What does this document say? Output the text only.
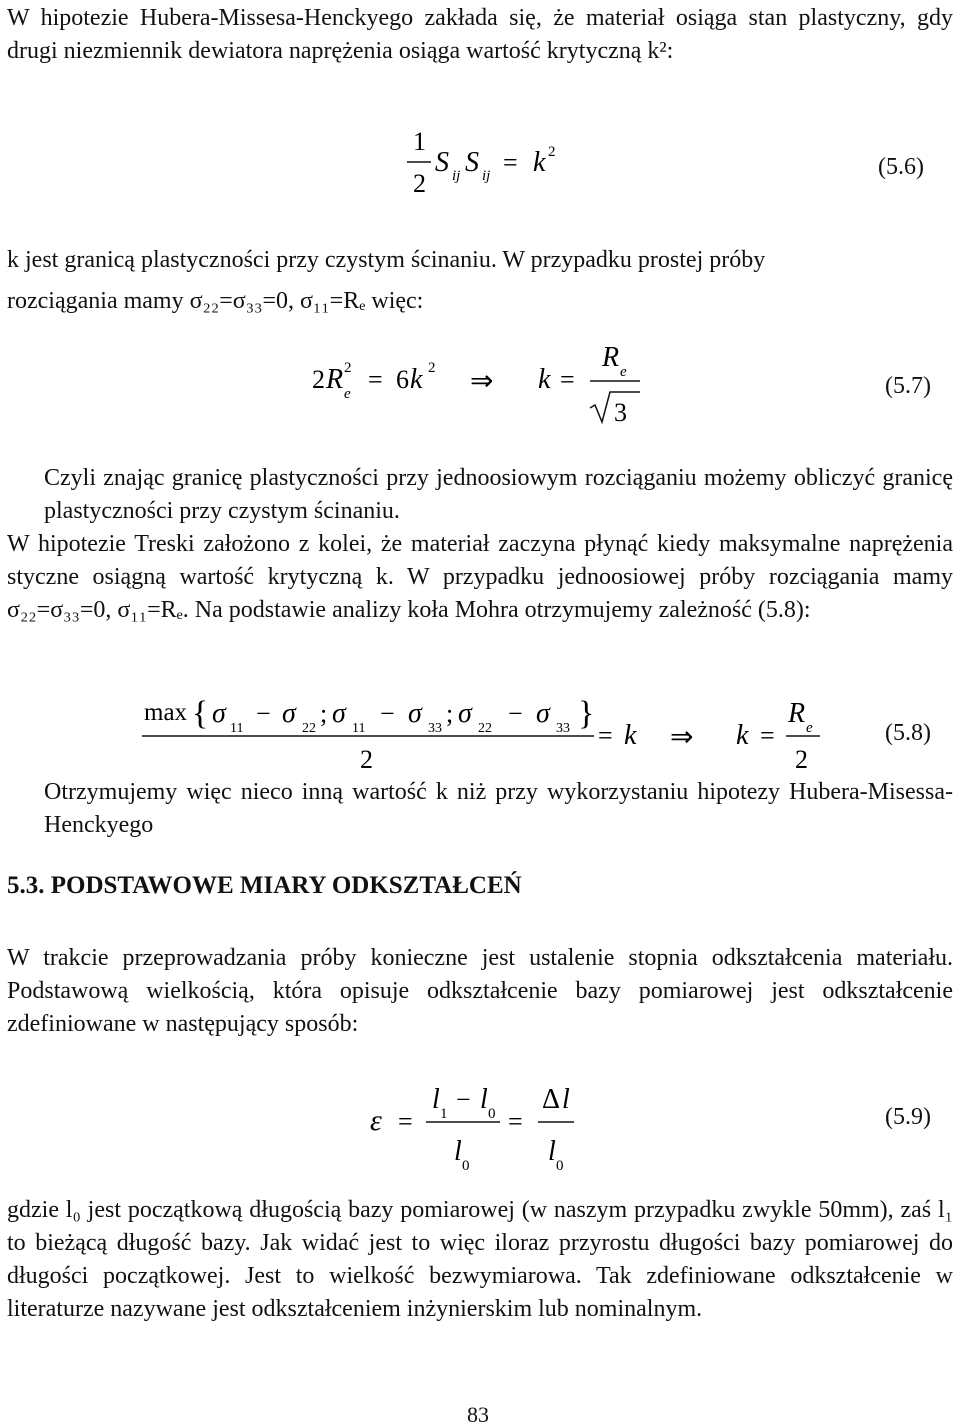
W hipotezie Hubera-Missesa-Henckyego zakłada się, że materiał osiąga stan plastyczny, gdy drugi niezmiennik dewiatora naprężenia osiąga wartość krytyczną k²:

1
2
S ij S ij = k 2
(5.6)

k jest granicą plastyczności przy czystym ścinaniu. W przypadku prostej próby

rozciągania mamy σ₂₂=σ₃₃=0, σ₁₁=Rₑ więc:

2 R e
2 = 6 k 2 ⇒ k =
R e
3
(5.7)

Czyli znając granicę plastyczności przy jednoosiowym rozciąganiu możemy obliczyć granicę plastyczności przy czystym ścinaniu.

W hipotezie Treski założono z kolei, że materiał zaczyna płynąć kiedy maksymalne naprężenia styczne osiągną wartość krytyczną k. W przypadku jednoosiowej próby rozciągania mamy σ₂₂=σ₃₃=0, σ₁₁=Rₑ. Na podstawie analizy koła Mohra otrzymujemy zależność (5.8):

max { σ 11
− σ 22
; σ 11
− σ 33
; σ 22
− σ 33 }
2
= k ⇒ k =
R e
2
(5.8)

Otrzymujemy więc nieco inną wartość k niż przy wykorzystaniu hipotezy Hubera-Misessa-Henckyego

5.3. PODSTAWOWE MIARY ODKSZTAŁCEŃ

W trakcie przeprowadzania próby konieczne jest ustalenie stopnia odkształcenia materiału. Podstawową wielkością, która opisuje odkształcenie bazy pomiarowej jest odkształcenie zdefiniowane w następujący sposób:

ε =
l 1 − l 0
l 0
=
Δ l
l 0
(5.9)

gdzie l₀ jest początkową długością bazy pomiarowej (w naszym przypadku zwykle 50mm), zaś l₁ to bieżącą długość bazy. Jak widać jest to więc iloraz przyrostu długości bazy pomiarowej do długości początkowej. Jest to wielkość bezwymiarowa. Tak zdefiniowane odkształcenie w literaturze nazywane jest odkształceniem inżynierskim lub nominalnym.

83
